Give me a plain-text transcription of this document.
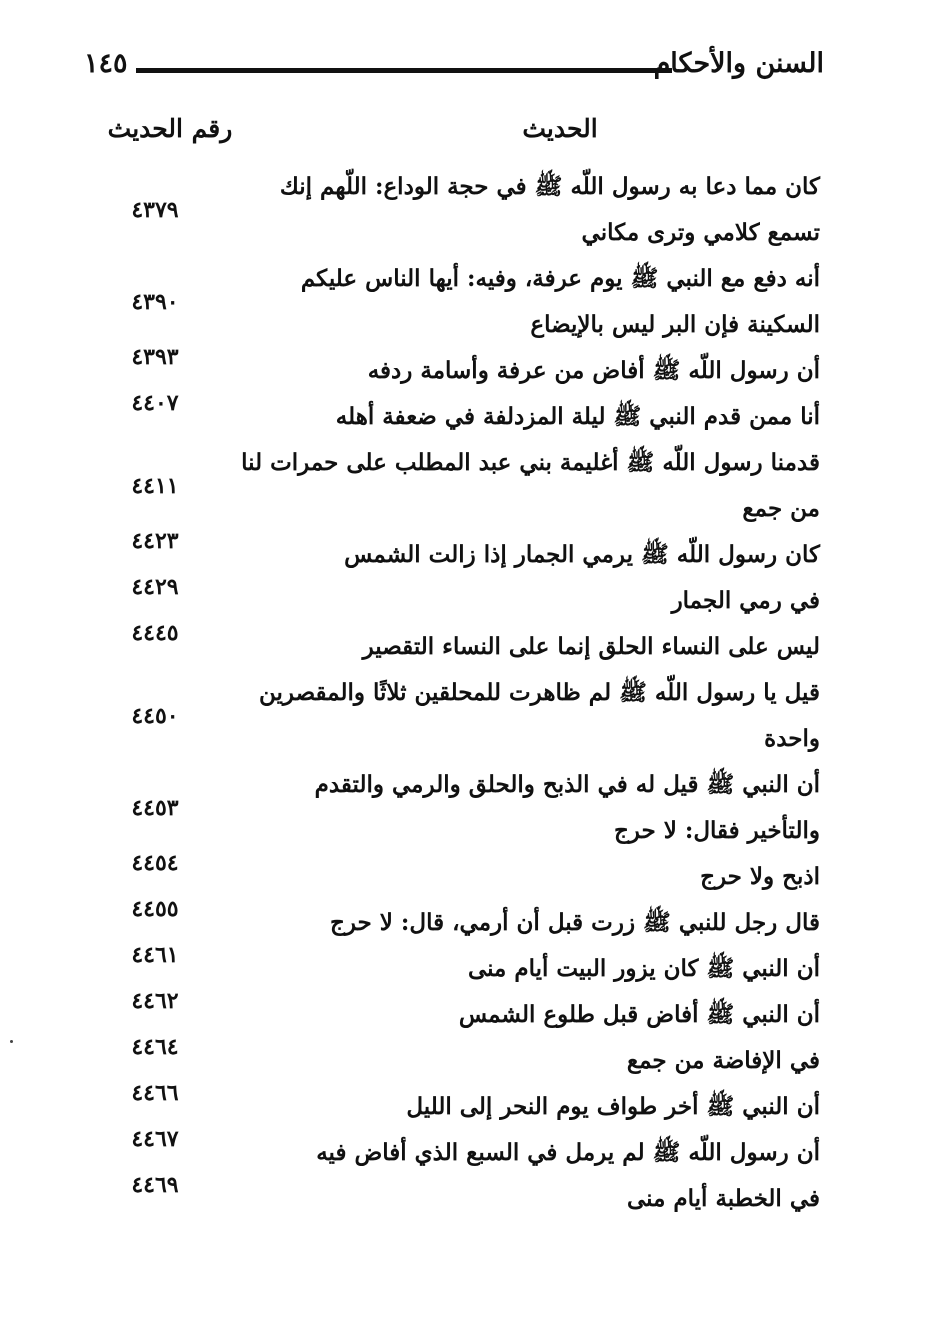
١٤٥	السنن والأحكام
الحديث
رقم الحديث
كان مما دعا به رسول اللّه ﷺ في حجة الوداع: اللّهم إنك تسمع كلامي وترى مكاني
٤٣٧٩
أنه دفع مع النبي ﷺ يوم عرفة، وفيه: أيها الناس عليكم السكينة فإن البر ليس بالإيضاع
٤٣٩٠
أن رسول اللّه ﷺ أفاض من عرفة وأسامة ردفه
٤٣٩٣
أنا ممن قدم النبي ﷺ ليلة المزدلفة في ضعفة أهله
٤٤٠٧
قدمنا رسول اللّه ﷺ أغليمة بني عبد المطلب على حمرات لنا من جمع
٤٤١١
كان رسول اللّه ﷺ يرمي الجمار إذا زالت الشمس
٤٤٢٣
في رمي الجمار
٤٤٢٩
ليس على النساء الحلق إنما على النساء التقصير
٤٤٤٥
قيل يا رسول اللّه ﷺ لم ظاهرت للمحلقين ثلاثًا والمقصرين واحدة
٤٤٥٠
أن النبي ﷺ قيل له في الذبح والحلق والرمي والتقدم والتأخير فقال: لا حرج
٤٤٥٣
اذبح ولا حرج
٤٤٥٤
قال رجل للنبي ﷺ زرت قبل أن أرمي، قال: لا حرج
٤٤٥٥
أن النبي ﷺ كان يزور البيت أيام منى
٤٤٦١
أن النبي ﷺ أفاض قبل طلوع الشمس
٤٤٦٢
في الإفاضة من جمع
٤٤٦٤
أن النبي ﷺ أخر طواف يوم النحر إلى الليل
٤٤٦٦
أن رسول اللّه ﷺ لم يرمل في السبع الذي أفاض فيه
٤٤٦٧
في الخطبة أيام منى
٤٤٦٩
